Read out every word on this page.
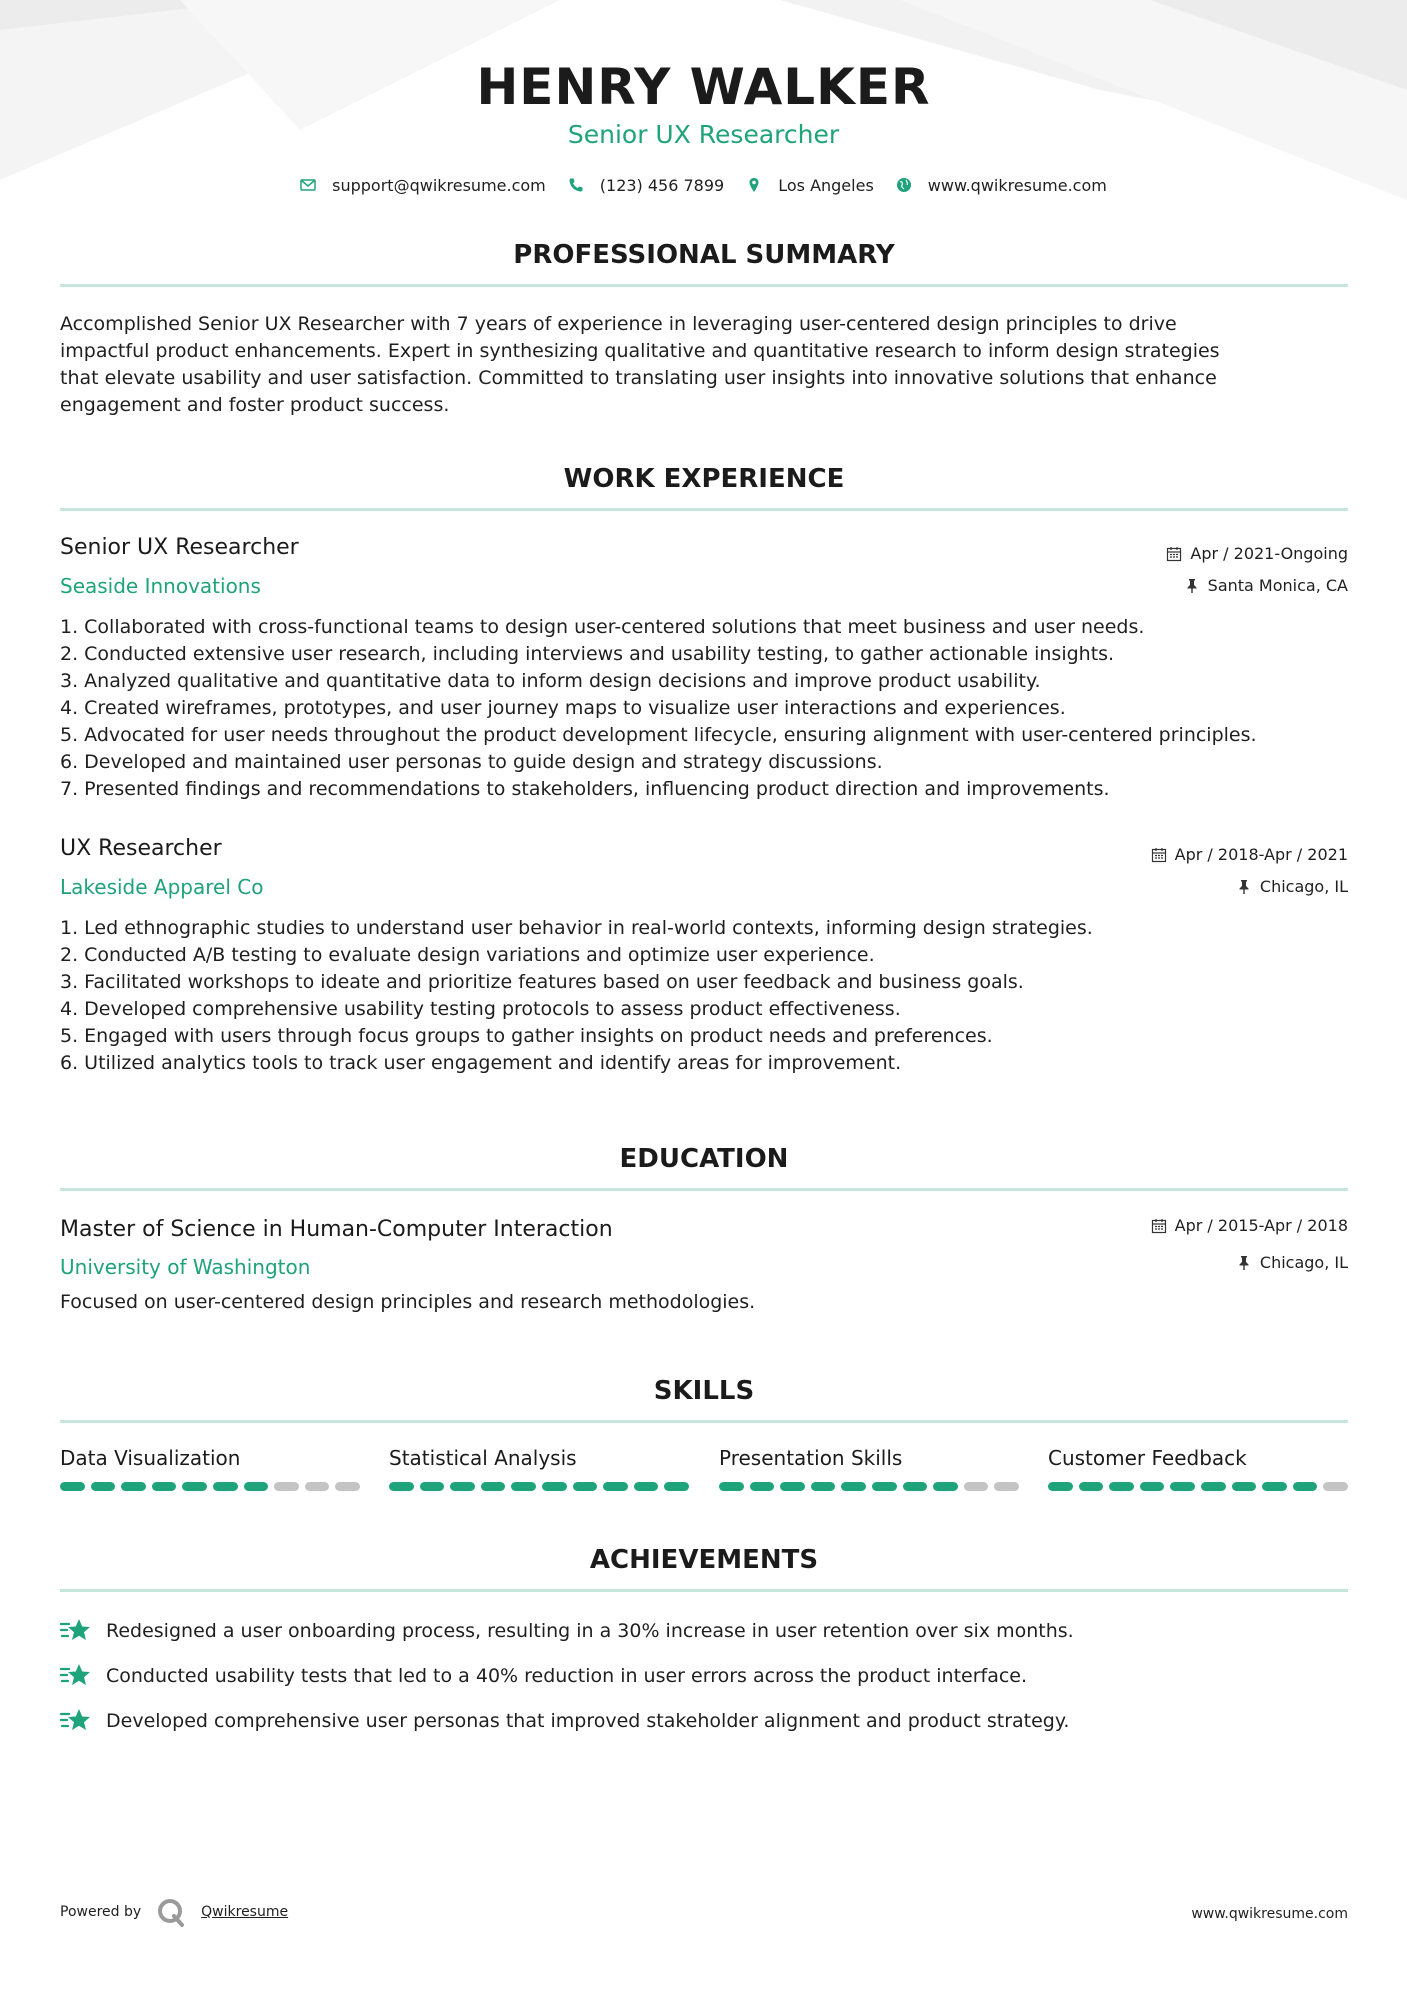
HENRY WALKER
Senior UX Researcher
support@qwikresume.com	(123) 456 7899	Los Angeles	www.qwikresume.com
PROFESSIONAL SUMMARY
Accomplished Senior UX Researcher with 7 years of experience in leveraging user-centered design principles to drive
impactful product enhancements. Expert in synthesizing qualitative and quantitative research to inform design strategies
that elevate usability and user satisfaction. Committed to translating user insights into innovative solutions that enhance
engagement and foster product success.
WORK EXPERIENCE
Senior UX Researcher
Seaside Innovations
Apr / 2021-Ongoing
Santa Monica, CA
1. Collaborated with cross-functional teams to design user-centered solutions that meet business and user needs.
2. Conducted extensive user research, including interviews and usability testing, to gather actionable insights.
3. Analyzed qualitative and quantitative data to inform design decisions and improve product usability.
4. Created wireframes, prototypes, and user journey maps to visualize user interactions and experiences.
5. Advocated for user needs throughout the product development lifecycle, ensuring alignment with user-centered principles.
6. Developed and maintained user personas to guide design and strategy discussions.
7. Presented findings and recommendations to stakeholders, influencing product direction and improvements.
UX Researcher
Lakeside Apparel Co
Apr / 2018-Apr / 2021
Chicago, IL
1. Led ethnographic studies to understand user behavior in real-world contexts, informing design strategies.
2. Conducted A/B testing to evaluate design variations and optimize user experience.
3. Facilitated workshops to ideate and prioritize features based on user feedback and business goals.
4. Developed comprehensive usability testing protocols to assess product effectiveness.
5. Engaged with users through focus groups to gather insights on product needs and preferences.
6. Utilized analytics tools to track user engagement and identify areas for improvement.
EDUCATION
Master of Science in Human-Computer Interaction
University of Washington
Apr / 2015-Apr / 2018
Chicago, IL
Focused on user-centered design principles and research methodologies.
SKILLS
Data Visualization	Statistical Analysis	Presentation Skills	Customer Feedback
ACHIEVEMENTS
Redesigned a user onboarding process, resulting in a 30% increase in user retention over six months.
Conducted usability tests that led to a 40% reduction in user errors across the product interface.
Developed comprehensive user personas that improved stakeholder alignment and product strategy.
Powered by	Qwikresume	www.qwikresume.com
